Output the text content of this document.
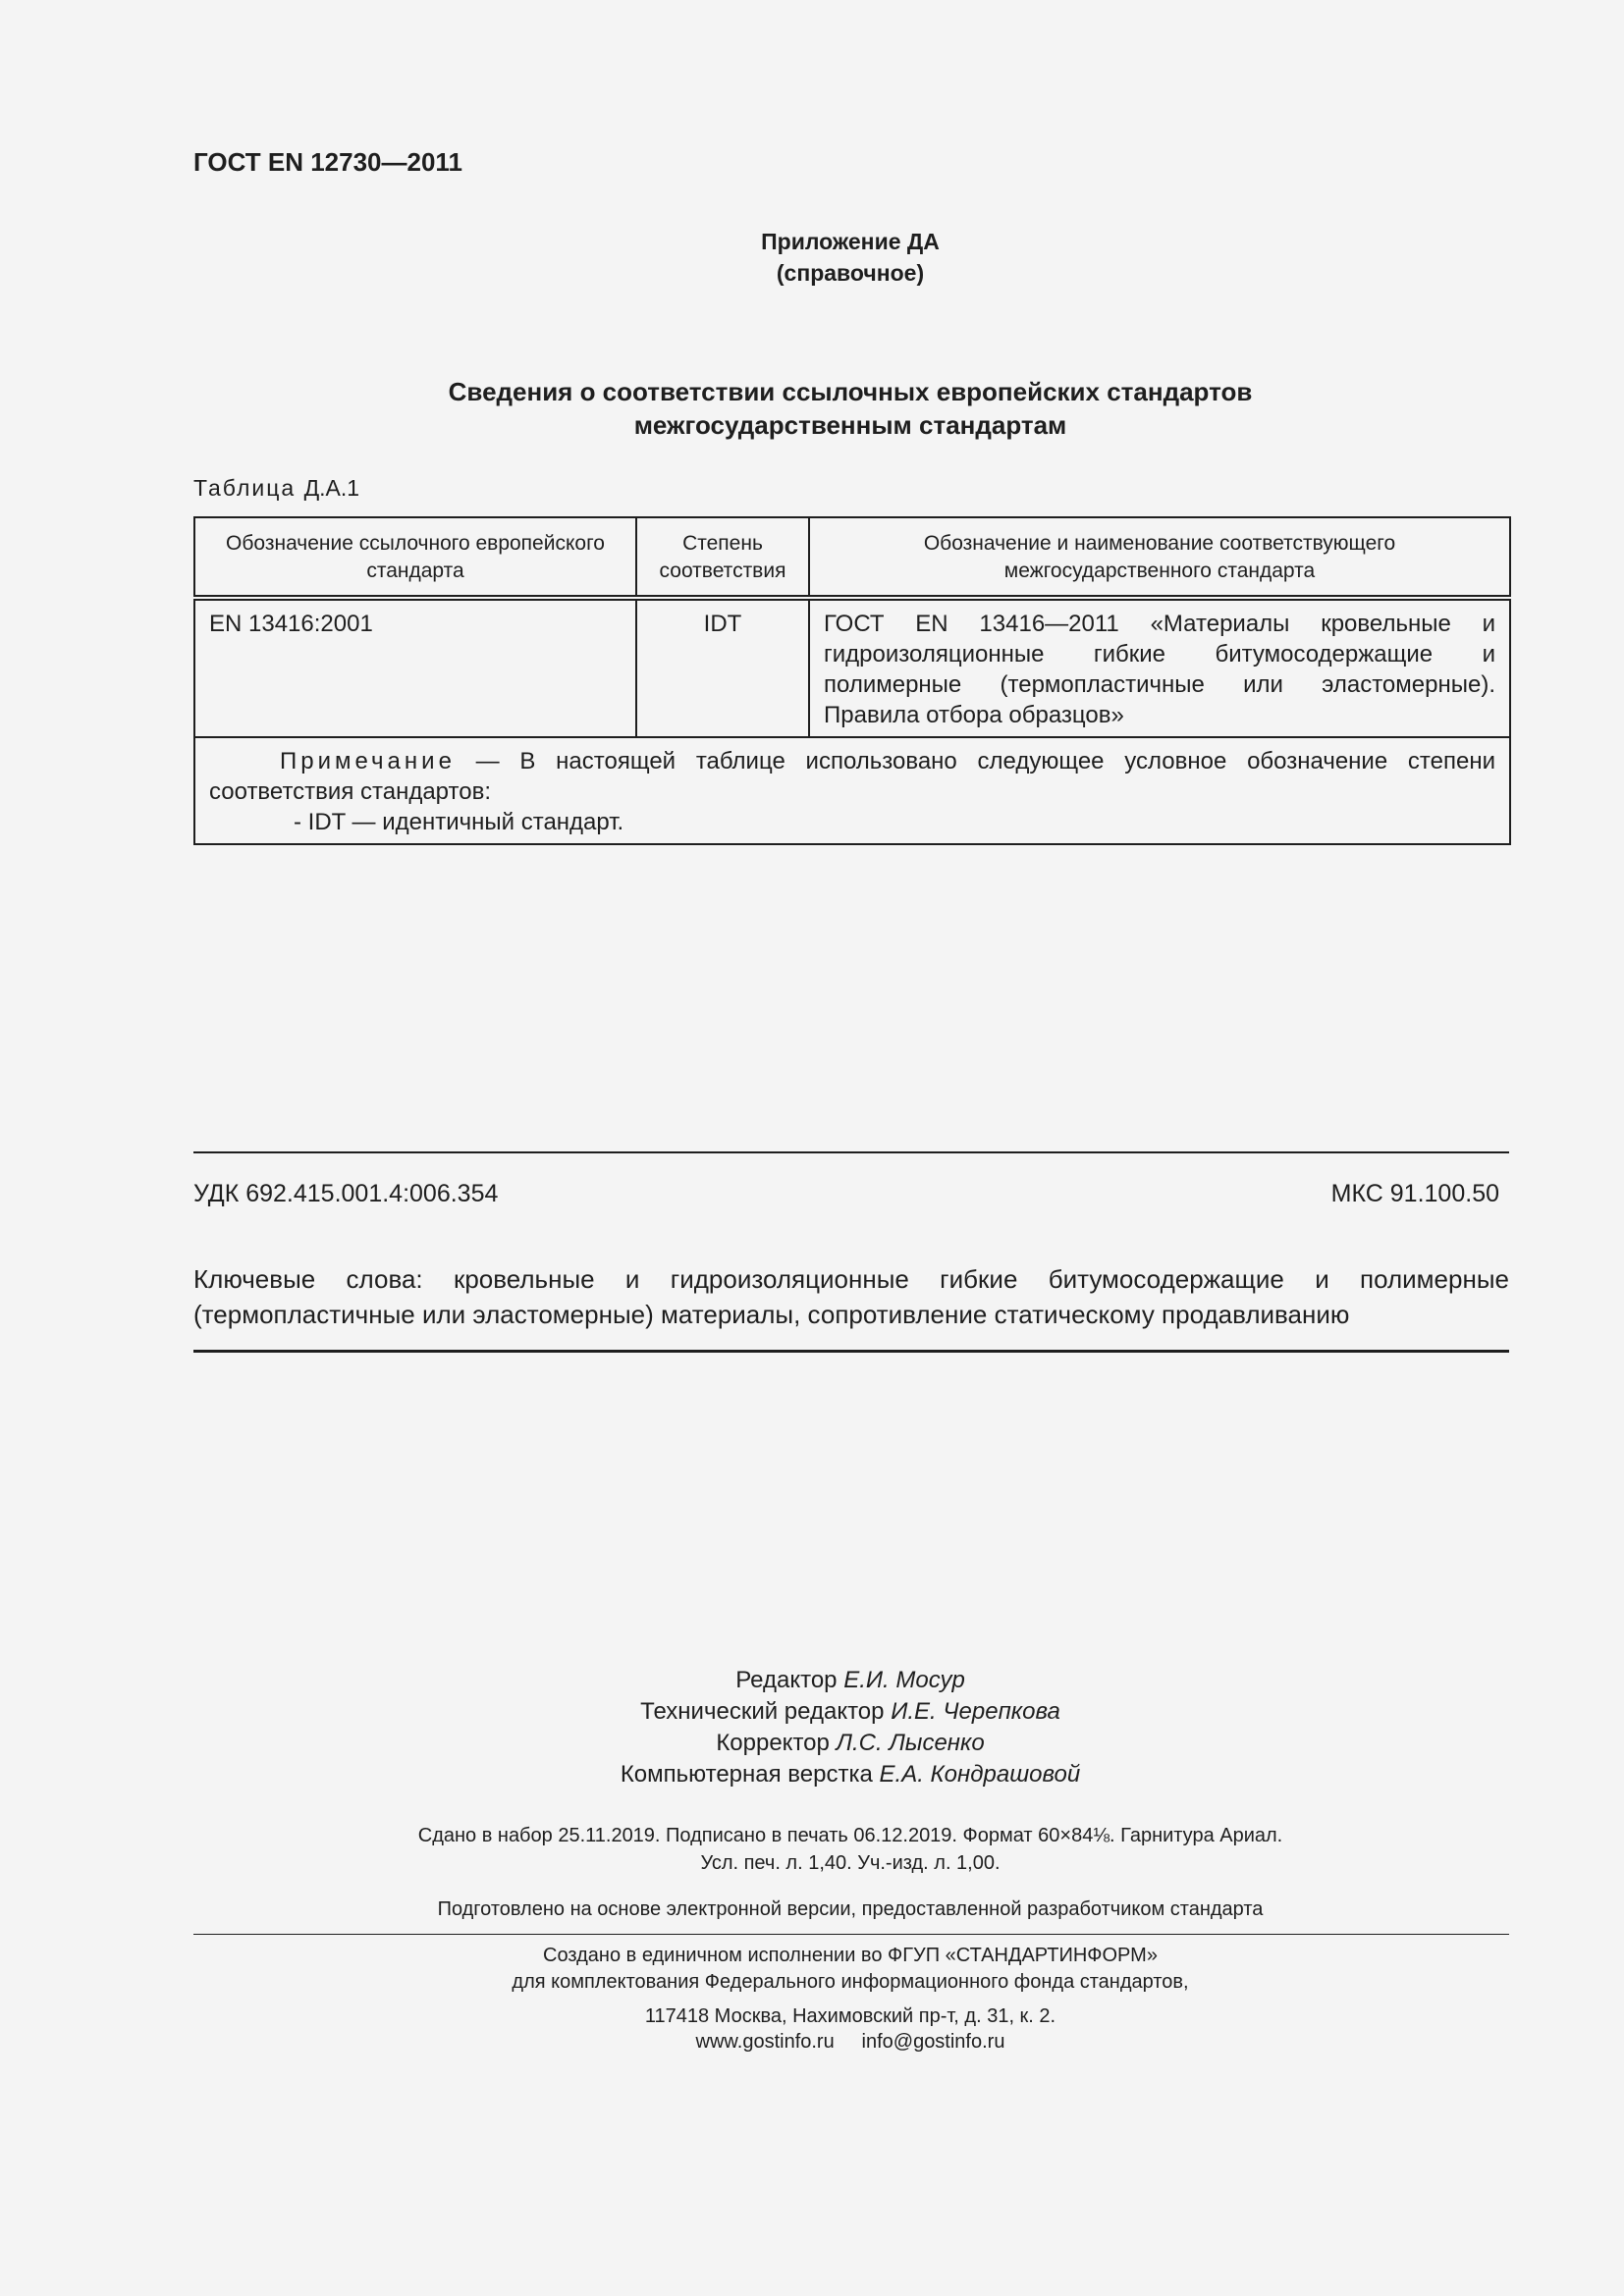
ГОСТ EN 12730—2011
Приложение ДА
(справочное)
Сведения о соответствии ссылочных европейских стандартов
межгосударственным стандартам
Таблица Д.А.1
Обозначение ссылочного европейского стандарта	Степень соответствия	Обозначение и наименование соответствующего межгосударственного стандарта
EN 13416:2001	IDT	ГОСТ EN 13416—2011 «Материалы кровельные и гидроизоляционные гибкие битумосодержащие и полимерные (термопластичные или эластомерные). Правила отбора образцов»

Примечание — В настоящей таблице использовано следующее условное обозначение степени соответствия стандартов:
- IDT — идентичный стандарт.		
УДК 692.415.001.4:006.354	МКС 91.100.50
Ключевые слова: кровельные и гидроизоляционные гибкие битумосодержащие и полимерные (термопластичные или эластомерные) материалы, сопротивление статическому продавливанию
Редактор Е.И. Мосур
Технический редактор И.Е. Черепкова
Корректор Л.С. Лысенко
Компьютерная верстка Е.А. Кондрашовой
Сдано в набор 25.11.2019. Подписано в печать 06.12.2019. Формат 60×84⅛. Гарнитура Ариал.
Усл. печ. л. 1,40. Уч.-изд. л. 1,00.
Подготовлено на основе электронной версии, предоставленной разработчиком стандарта
Создано в единичном исполнении во ФГУП «СТАНДАРТИНФОРМ»
для комплектования Федерального информационного фонда стандартов,
117418 Москва, Нахимовский пр-т, д. 31, к. 2.
www.gostinfo.ru info@gostinfo.ru
